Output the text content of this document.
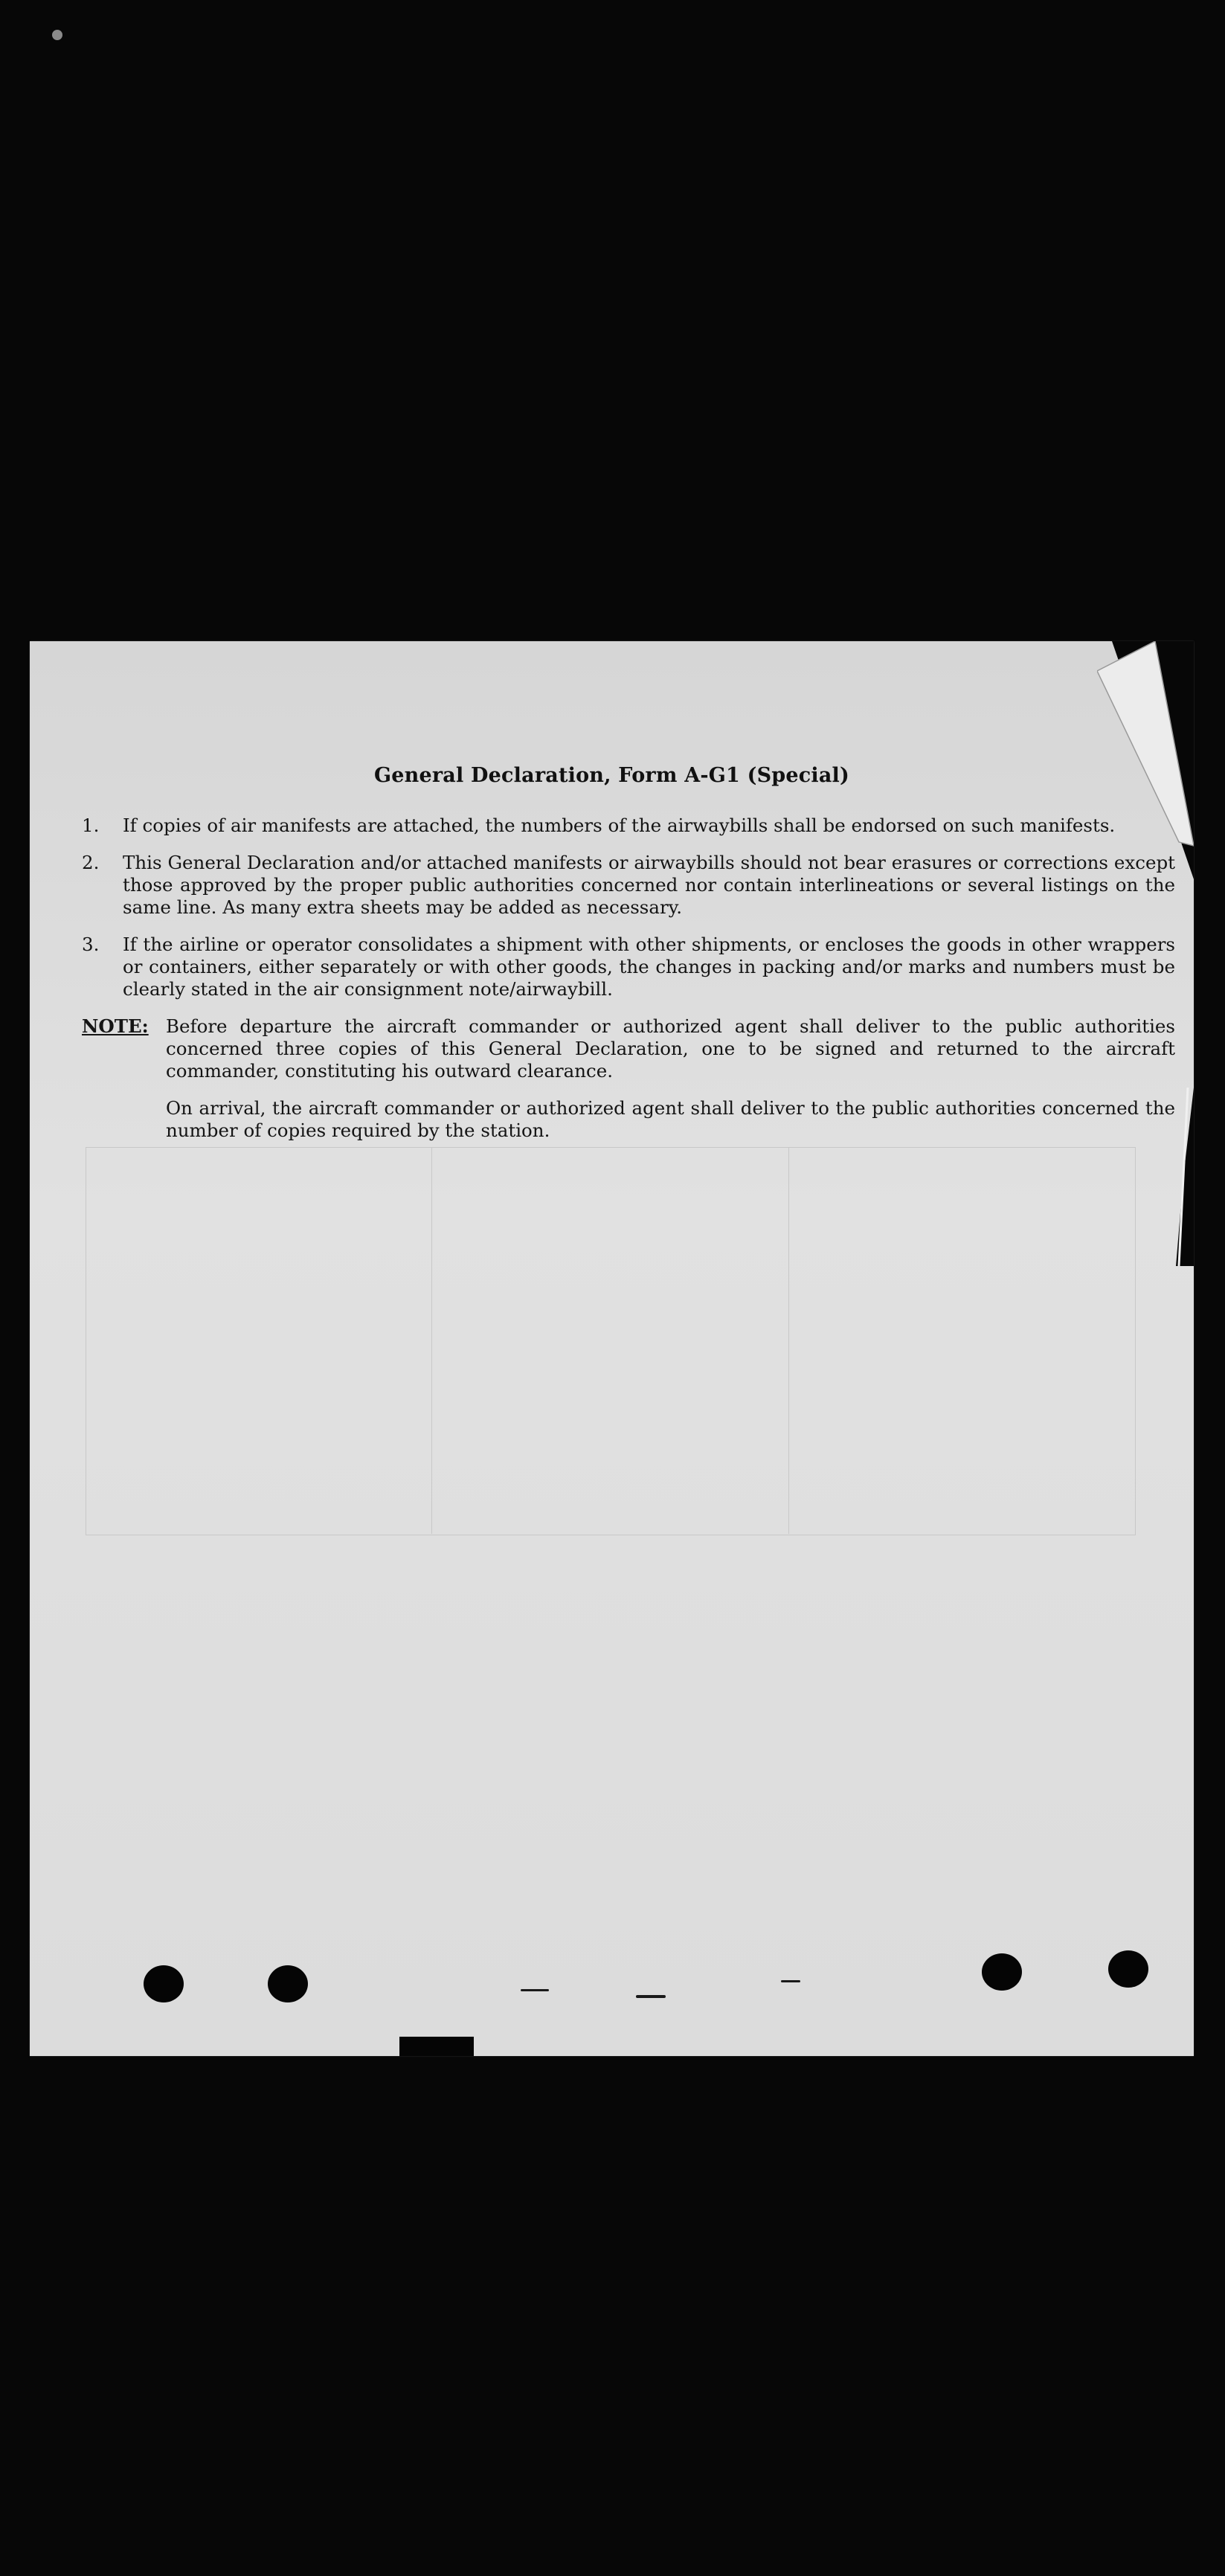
General Declaration, Form A-G1 (Special)
1.	If copies of air manifests are attached, the numbers of the airwaybills shall be endorsed on such manifests.
2.	This General Declaration and/or attached manifests or airwaybills should not bear erasures or corrections except those approved by the proper public authorities concerned nor contain interlineations or several listings on the same line. As many extra sheets may be added as necessary.
3.	If the airline or operator consolidates a shipment with other shipments, or encloses the goods in other wrappers or containers, either separately or with other goods, the changes in packing and/or marks and numbers must be clearly stated in the air consignment note/airwaybill.
NOTE: Before departure the aircraft commander or authorized agent shall deliver to the public authorities concerned three copies of this General Declaration, one to be signed and returned to the aircraft commander, constituting his outward clearance.

On arrival, the aircraft commander or authorized agent shall deliver to the public authorities concerned the number of copies required by the station.
